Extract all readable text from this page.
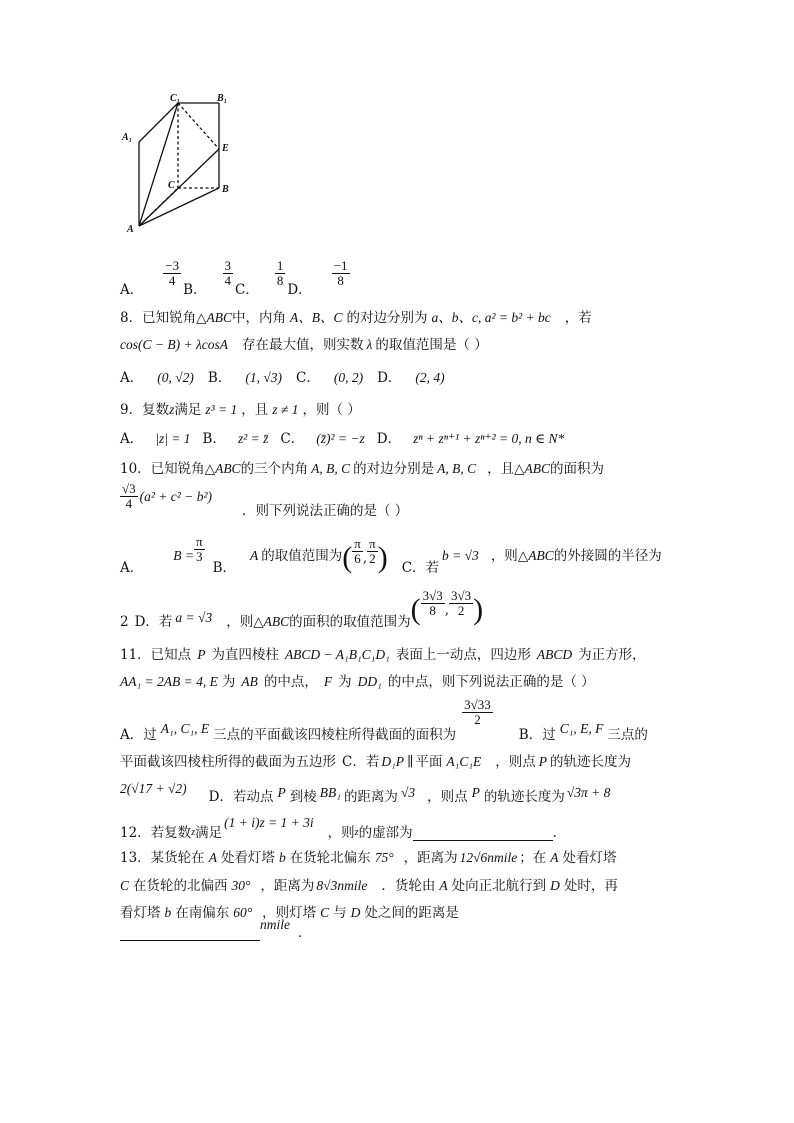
C₁	B₁
A₁
E
C	B
A
A．
$\frac{-3}{4}$
B．
$\frac{3}{4}$
C．
$\frac{1}{8}$
D．
$\frac{-1}{8}$
8．已知锐角△ABC中，内角 A、B、C 的对边分别为 a、b、c, a² = b² + bc ，若
cos(C − B) + λcosA 存在最大值，则实数 λ 的取值范围是（ ）
A． (0, √2) B． (1, √3) C． (0, 2) D． (2, 4)
9．复数z满足 z³ = 1 ，且 z ≠ 1 ，则（ ）
A． |z| = 1 B． z² = z̄ C． (z̄)² = −z D． zⁿ + zⁿ⁺¹ + zⁿ⁺² = 0, n ∈ N*
10．已知锐角△ABC的三个内角 A, B, C 的对边分别是 A, B, C ，且△ABC的面积为
$\frac{√3}{4} (a^2 + c^2 - b^2)$
．则下列说法正确的是（ ）
A．
$B = \frac{\pi}{3}$
B．
A 的取值范围为 ( $\frac{\pi}{6}$ , $\frac{\pi}{2}$ ) C．若
b = √3 ，则 △ABC 的外接圆的半径为
2 D．若 a = √3 ，则 △ABC 的面积的取值范围为 ( $\frac{3√3}{8}$ , $\frac{3√3}{2}$ )
11．已知点 P 为直四棱柱 ABCD − A₁B₁C₁D₁ 表面上一动点，四边形 ABCD 为正方形，
AA₁ = 2AB = 4, E 为 AB 的中点， F 为 DD₁ 的中点，则下列说法正确的是（ ）
A．过 A₁, C₁, E 三点的平面截该四棱柱所得截面的面积为
$\frac{3√33}{2}$
B．过 C₁, E, F 三点的
平面截该四棱柱所得的截面为五边形 C．若 D₁P ∥ 平面 A₁C₁E ，则点 P 的轨迹长度为
2(√17 + √2)
D．若动点 P 到棱 BB₁ 的距离为 √3 ，则点 P 的轨迹长度为 √3π + 8
12．若复数 z 满足
(1 + i)z = 1 + 3i
，则 z 的虚部为	．
13．某货轮在 A 处看灯塔 b 在货轮北偏东 75° ，距离为 12√6nmile ；在 A 处看灯塔
C 在货轮的北偏西 30° ，距离为 8√3nmile ．货轮由 A 处向正北航行到 D 处时，再
看灯塔 b 在南偏东 60° ，则灯塔 C 与 D 处之间的距离是
nmile
．
